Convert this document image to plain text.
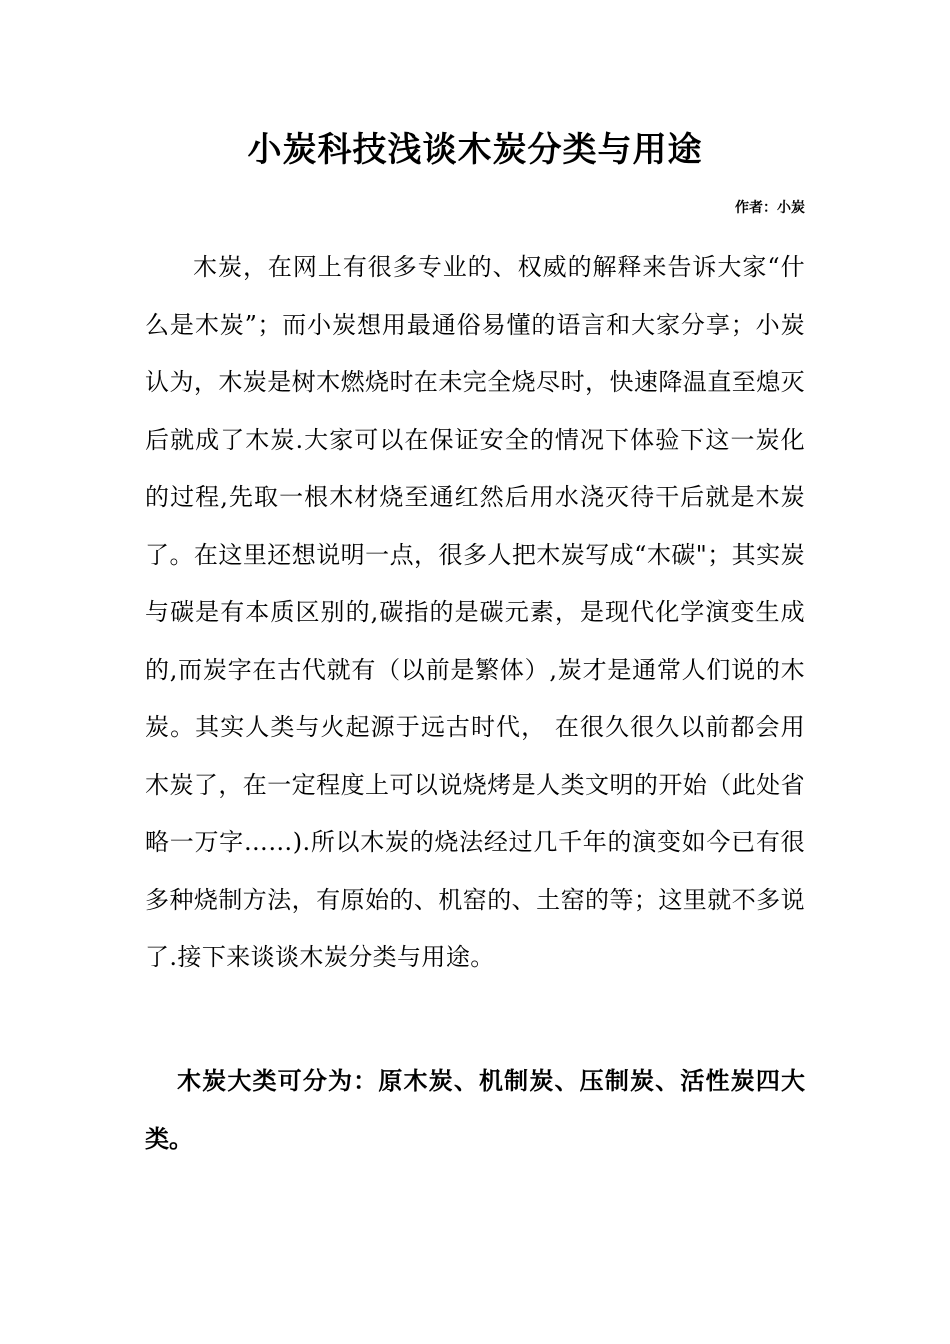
小炭科技浅谈木炭分类与用途
作者：小炭

木炭，在网上有很多专业的、权威的解释来告诉大家“什么是木炭”；而小炭想用最通俗易懂的语言和大家分享；小炭认为，木炭是树木燃烧时在未完全烧尽时，快速降温直至熄灭后就成了木炭.大家可以在保证安全的情况下体验下这一炭化的过程,先取一根木材烧至通红然后用水浇灭待干后就是木炭了。在这里还想说明一点，很多人把木炭写成“木碳"；其实炭与碳是有本质区别的,碳指的是碳元素，是现代化学演变生成的,而炭字在古代就有（以前是繁体）,炭才是通常人们说的木炭。其实人类与火起源于远古时代， 在很久很久以前都会用木炭了，在一定程度上可以说烧烤是人类文明的开始（此处省略一万字……).所以木炭的烧法经过几千年的演变如今已有很多种烧制方法，有原始的、机窑的、土窑的等；这里就不多说了.接下来谈谈木炭分类与用途。

木炭大类可分为：原木炭、机制炭、压制炭、活性炭四大类。
